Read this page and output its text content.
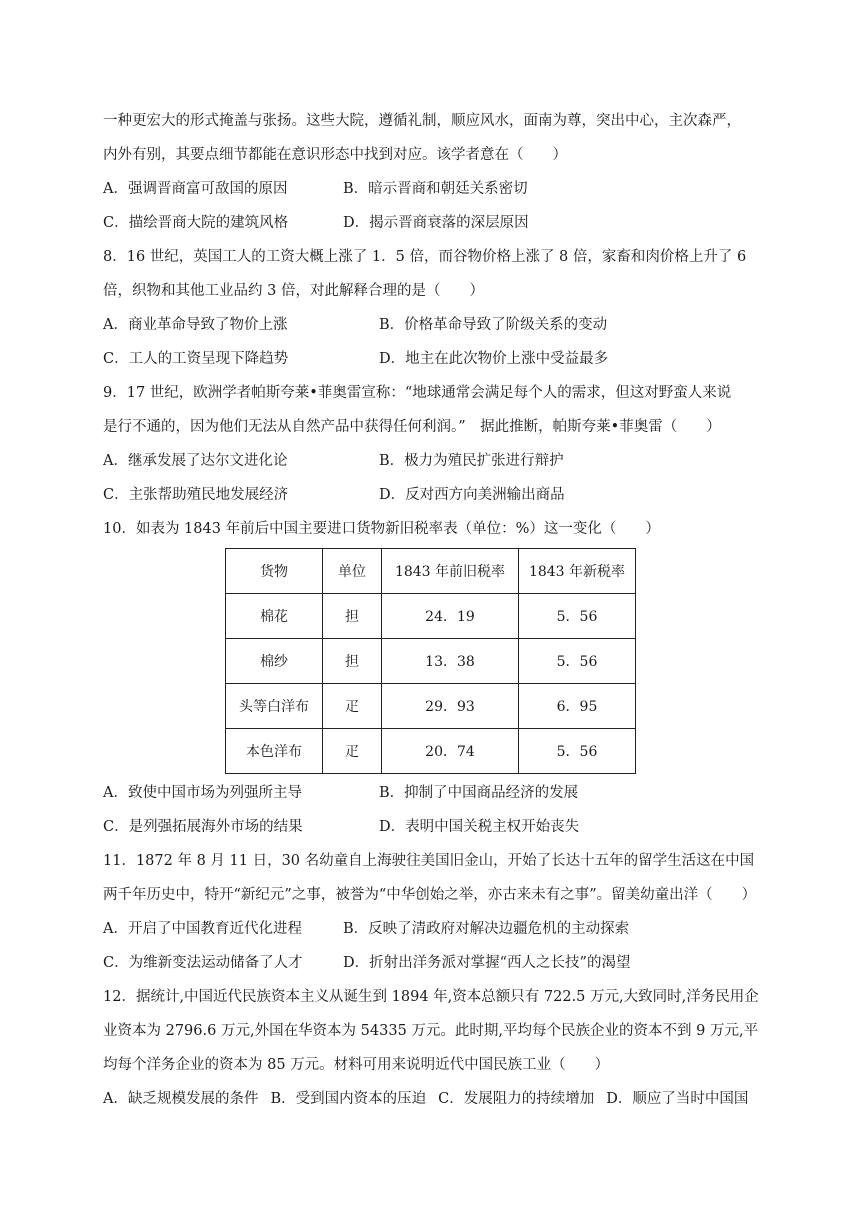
一种更宏大的形式掩盖与张扬。这些大院，遵循礼制，顺应风水，面南为尊，突出中心，主次森严，
内外有别，其要点细节都能在意识形态中找到对应。该学者意在（　　）
A．强调晋商富可敌国的原因	B．暗示晋商和朝廷关系密切
C．描绘晋商大院的建筑风格	D．揭示晋商衰落的深层原因
8．16 世纪，英国工人的工资大概上涨了 1．5 倍，而谷物价格上涨了 8 倍，家畜和肉价格上升了 6
倍，织物和其他工业品约 3 倍，对此解释合理的是（　　）
A．商业革命导致了物价上涨	B．价格革命导致了阶级关系的变动
C．工人的工资呈现下降趋势	D．地主在此次物价上涨中受益最多
9．17 世纪，欧洲学者帕斯夸莱•菲奥雷宣称：“地球通常会满足每个人的需求，但这对野蛮人来说
是行不通的，因为他们无法从自然产品中获得任何利润。”　据此推断，帕斯夸莱•菲奥雷（　　）
A．继承发展了达尔文进化论	B．极力为殖民扩张进行辩护
C．主张帮助殖民地发展经济	D．反对西方向美洲输出商品
10．如表为 1843 年前后中国主要进口货物新旧税率表（单位：%）这一变化（　　）
货物	单位	1843 年前旧税率	1843 年新税率
棉花	担	24．19	5．56
棉纱	担	13．38	5．56
头等白洋布	疋	29．93	6．95
本色洋布	疋	20．74	5．56
A．致使中国市场为列强所主导	B．抑制了中国商品经济的发展
C．是列强拓展海外市场的结果	D．表明中国关税主权开始丧失
11．1872 年 8 月 11 日，30 名幼童自上海驶往美国旧金山，开始了长达十五年的留学生活这在中国
两千年历史中，特开“新纪元”之事，被誉为“中华创始之举，亦古来未有之事”。留美幼童出洋（　　）
A．开启了中国教育近代化进程	B．反映了清政府对解决边疆危机的主动探索
C．为维新变法运动储备了人才	D．折射出洋务派对掌握“西人之长技”的渴望
12．据统计,中国近代民族资本主义从诞生到 1894 年,资本总额只有 722.5 万元,大致同时,洋务民用企
业资本为 2796.6 万元,外国在华资本为 54335 万元。此时期,平均每个民族企业的资本不到 9 万元,平
均每个洋务企业的资本为 85 万元。材料可用来说明近代中国民族工业（　　）
A．缺乏规模发展的条件 B．受到国内资本的压迫 C．发展阻力的持续增加 D．顺应了当时中国国
